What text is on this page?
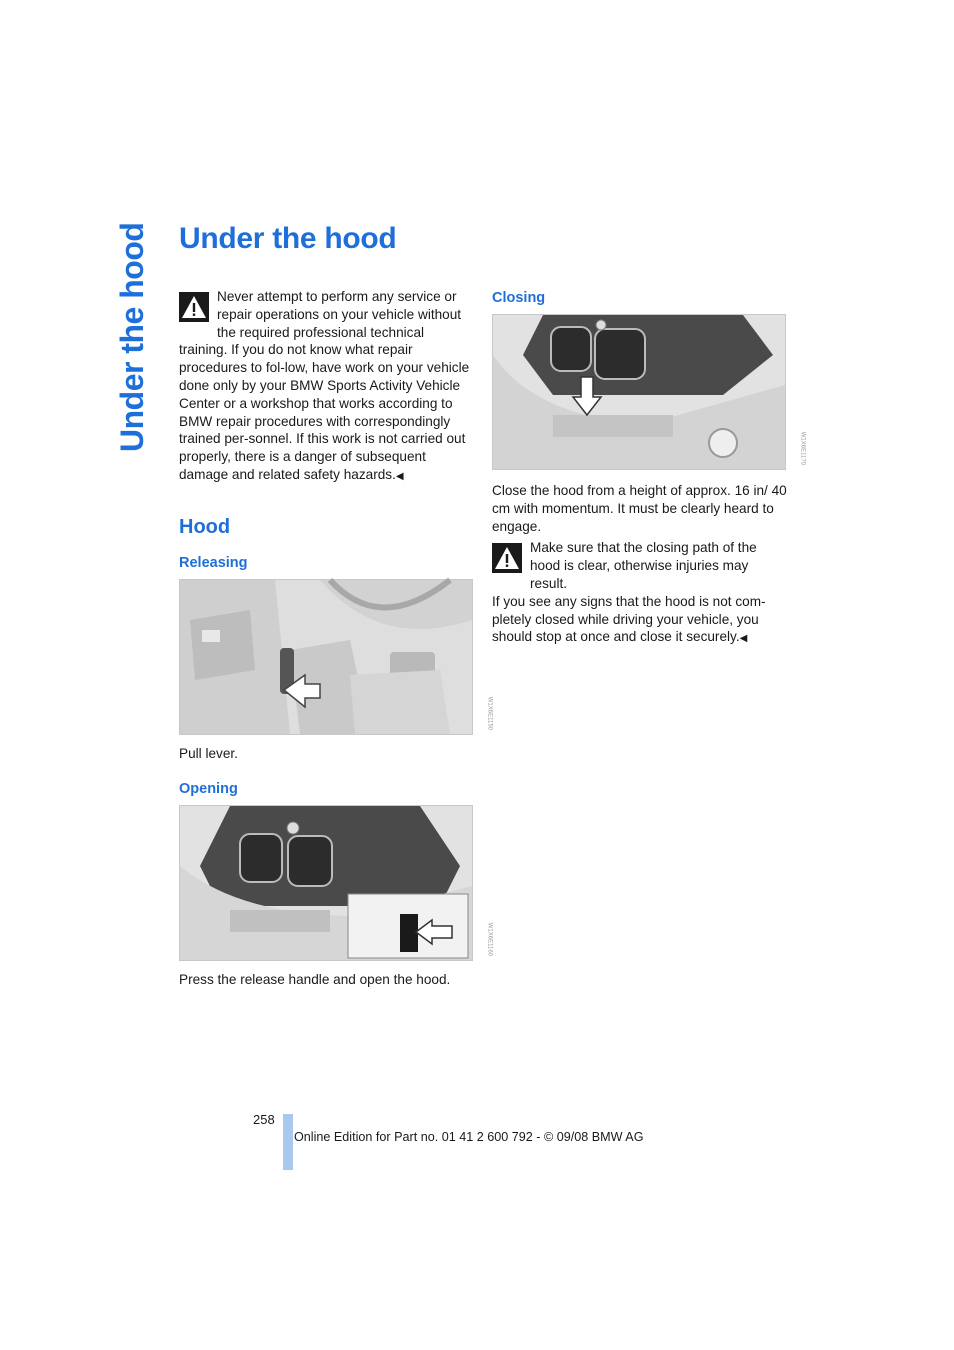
Under the hood Under the hood

Never attempt to perform any service or repair operations on your vehicle without the required professional technical training. If you do not know what repair procedures to fol-low, have work on your vehicle done only by your BMW Sports Activity Vehicle Center or a workshop that works according to BMW repair procedures with correspondingly trained per-sonnel. If this work is not carried out properly, there is a danger of subsequent damage and related safety hazards.◀

Hood
Releasing
W1X6E1150

Pull lever.

Opening
W1X6E1160

Press the release handle and open the hood.

Closing
W1X6E1170

Close the hood from a height of approx. 16 in/ 40 cm with momentum. It must be clearly heard to engage.

Make sure that the closing path of the hood is clear, otherwise injuries may result.

If you see any signs that the hood is not com-pletely closed while driving your vehicle, you should stop at once and close it securely.◀

258
Online Edition for Part no. 01 41 2 600 792 - © 09/08 BMW AG
